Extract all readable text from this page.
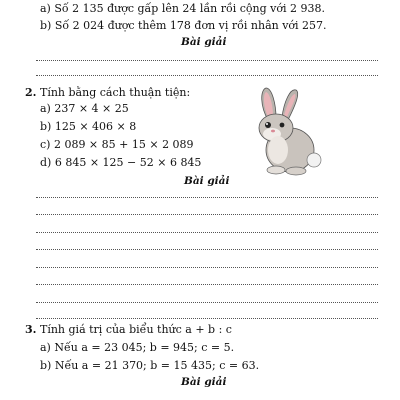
a) Số 2 135 được gấp lên 24 lần rồi cộng với 2 938.
b) Số 2 024 được thêm 178 đơn vị rồi nhân với 257.
Bài giải
2. Tính bằng cách thuận tiện:
a) 237 × 4 × 25
b) 125 × 406 × 8
c) 2 089 × 85 + 15 × 2 089
d) 6 845 × 125 − 52 × 6 845
Bài giải
3. Tính giá trị của biểu thức a + b : c
a) Nếu a = 23 045; b = 945; c = 5.
b) Nếu a = 21 370; b = 15 435; c = 63.
Bài giải
